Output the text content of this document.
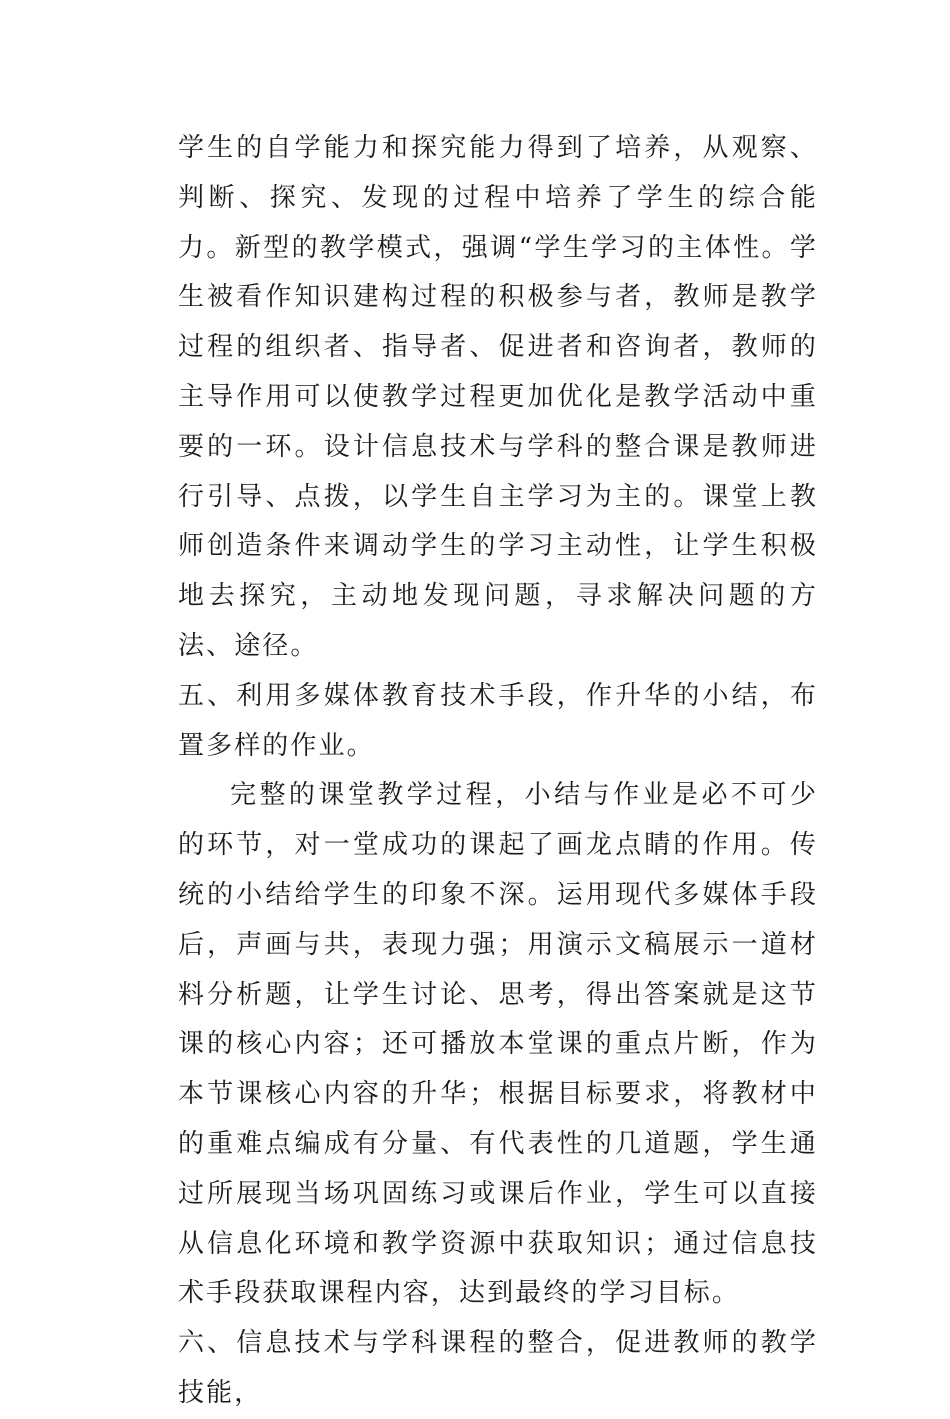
学生的自学能力和探究能力得到了培养，从观察、判断、探究、发现的过程中培养了学生的综合能力。新型的教学模式，强调“学生学习的主体性。学生被看作知识建构过程的积极参与者，教师是教学过程的组织者、指导者、促进者和咨询者，教师的主导作用可以使教学过程更加优化是教学活动中重要的一环。设计信息技术与学科的整合课是教师进行引导、点拨，以学生自主学习为主的。课堂上教师创造条件来调动学生的学习主动性，让学生积极地去探究，主动地发现问题，寻求解决问题的方法、途径。

五、利用多媒体教育技术手段，作升华的小结，布置多样的作业。

完整的课堂教学过程，小结与作业是必不可少的环节，对一堂成功的课起了画龙点睛的作用。传统的小结给学生的印象不深。运用现代多媒体手段后，声画与共，表现力强；用演示文稿展示一道材料分析题，让学生讨论、思考，得出答案就是这节课的核心内容；还可播放本堂课的重点片断，作为本节课核心内容的升华；根据目标要求，将教材中的重难点编成有分量、有代表性的几道题，学生通过所展现当场巩固练习或课后作业，学生可以直接从信息化环境和教学资源中获取知识；通过信息技术手段获取课程内容，达到最终的学习目标。

六、信息技术与学科课程的整合，促进教师的教学技能，
